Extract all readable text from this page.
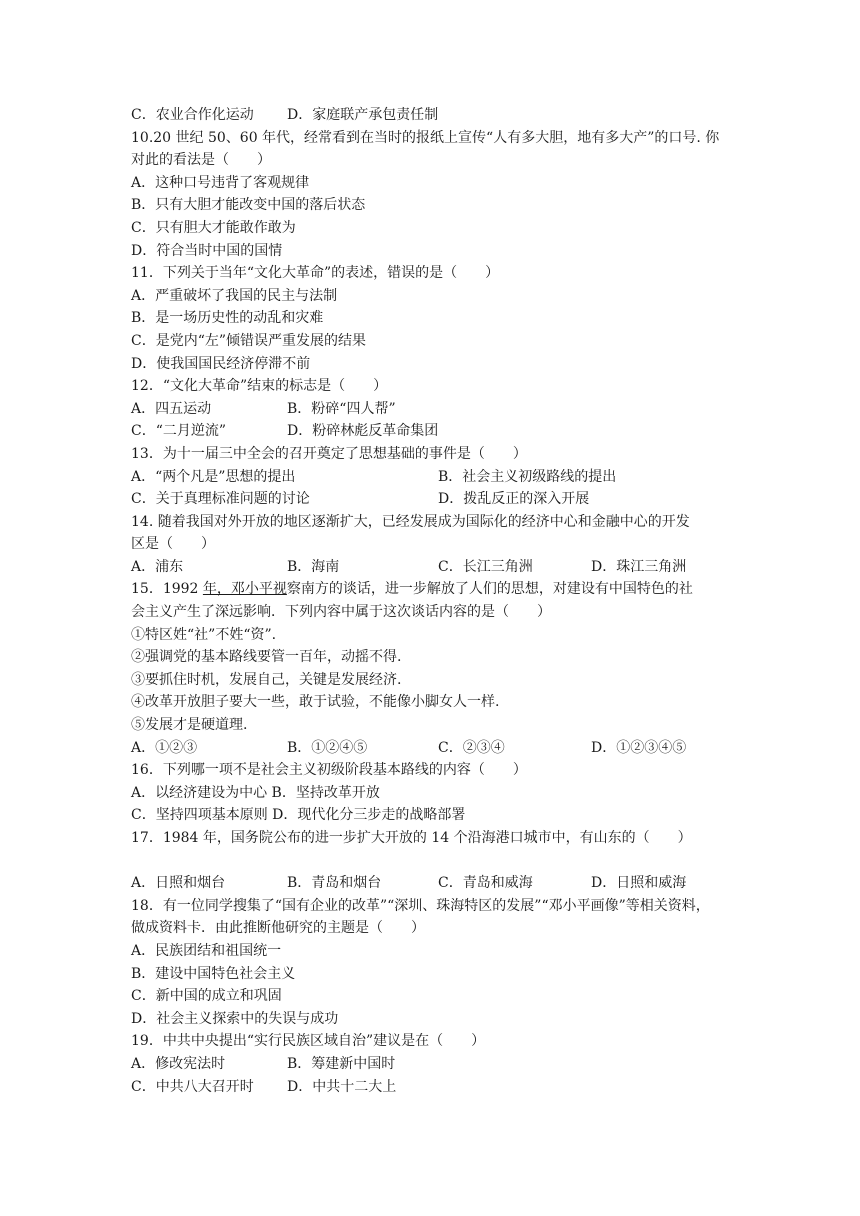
C．农业合作化运动 D．家庭联产承包责任制
10.20 世纪 50、60 年代，经常看到在当时的报纸上宣传“人有多大胆，地有多大产”的口号. 你
对此的看法是（　　）
A．这种口号违背了客观规律
B．只有大胆才能改变中国的落后状态
C．只有胆大才能敢作敢为
D．符合当时中国的国情
11．下列关于当年“文化大革命”的表述，错误的是（　　）
A．严重破坏了我国的民主与法制
B．是一场历史性的动乱和灾难
C．是党内“左”倾错误严重发展的结果
D．使我国国民经济停滞不前
12．“文化大革命”结束的标志是（　　）
A．四五运动	B．粉碎“四人帮”
C．“二月逆流”	D．粉碎林彪反革命集团
13．为十一届三中全会的召开奠定了思想基础的事件是（　　）
A．“两个凡是”思想的提出	B．社会主义初级路线的提出
C．关于真理标准问题的讨论	D．拨乱反正的深入开展
14. 随着我国对外开放的地区逐渐扩大，已经发展成为国际化的经济中心和金融中心的开发
区是（　　）
A．浦东	B．海南	C．长江三角洲	D．珠江三角洲
15．1992 年，邓小平视察南方的谈话，进一步解放了人们的思想，对建设有中国特色的社
会主义产生了深远影响．下列内容中属于这次谈话内容的是（　　）
①特区姓“社”不姓“资”.
②强调党的基本路线要管一百年，动摇不得.
③要抓住时机，发展自己，关键是发展经济.
④改革开放胆子要大一些，敢于试验，不能像小脚女人一样.
⑤发展才是硬道理.
A．①②③	B．①②④⑤	C．②③④	D．①②③④⑤
16．下列哪一项不是社会主义初级阶段基本路线的内容（　　）
A．以经济建设为中心 B．坚持改革开放
C．坚持四项基本原则 D．现代化分三步走的战略部署
17．1984 年，国务院公布的进一步扩大开放的 14 个沿海港口城市中，有山东的（　　）
A．日照和烟台	B．青岛和烟台	C．青岛和威海	D．日照和威海
18．有一位同学搜集了“国有企业的改革”“深圳、珠海特区的发展”“邓小平画像”等相关资料，
做成资料卡．由此推断他研究的主题是（　　）
A．民族团结和祖国统一
B．建设中国特色社会主义
C．新中国的成立和巩固
D．社会主义探索中的失误与成功
19．中共中央提出“实行民族区域自治”建议是在（　　）
A．修改宪法时	B．筹建新中国时
C．中共八大召开时 D．中共十二大上
